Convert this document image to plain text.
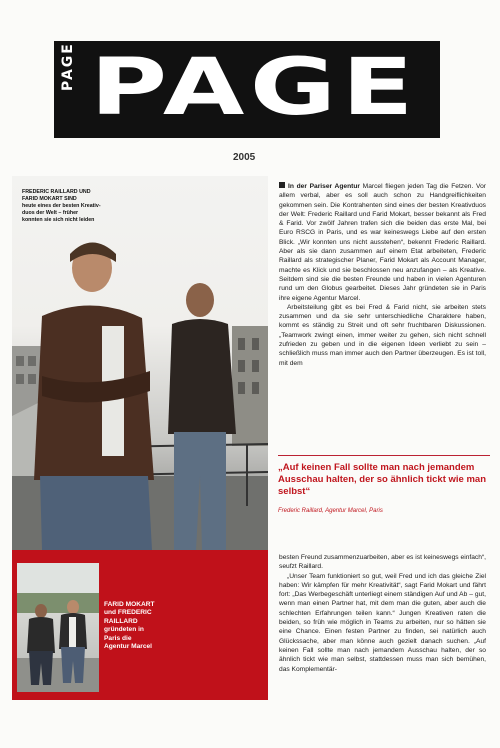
PAGE PAGE
2005
FREDERIC RAILLARD UND
FARID MOKART SIND
heute eines der besten Kreativ-
duos der Welt – früher
konnten sie sich nicht leiden

In der Pariser Agentur Marcel fliegen jeden Tag die Fetzen. Vor allem verbal, aber es soll auch schon zu Handgreiflichkeiten gekommen sein. Die Kontrahenten sind eines der besten Kreativduos der Welt: Frederic Raillard und Farid Mokart, besser bekannt als Fred & Farid. Vor zwölf Jahren trafen sich die beiden das erste Mal, bei Euro RSCG in Paris, und es war keineswegs Liebe auf den ersten Blick. „Wir konnten uns nicht ausstehen“, bekennt Frederic Raillard. Aber als sie dann zusammen auf einem Etat arbeiteten, Frederic Raillard als strategischer Planer, Farid Mokart als Account Manager, machte es Klick und sie beschlossen neu anzufangen – als Kreative. Seitdem sind sie die besten Freunde und haben in vielen Agenturen rund um den Globus gearbeitet. Dieses Jahr gründeten sie in Paris ihre eigene Agentur Marcel.

Arbeitsteilung gibt es bei Fred & Farid nicht, sie arbeiten stets zusammen und da sie sehr unterschiedliche Charaktere haben, kommt es ständig zu Streit und oft sehr fruchtbaren Diskussionen. „Teamwork zwingt einen, immer weiter zu gehen, sich nicht schnell zufrieden zu geben und in die eigenen Ideen verliebt zu sein – schließlich muss man immer auch den Partner überzeugen. Es ist toll, mit dem

„Auf keinen Fall sollte man nach jemandem Ausschau halten, der so ähnlich tickt wie man selbst“
Frederic Raillard, Agentur Marcel, Paris

besten Freund zusammenzuarbeiten, aber es ist keineswegs einfach“, seufzt Raillard.

„Unser Team funktioniert so gut, weil Fred und ich das gleiche Ziel haben: Wir kämpfen für mehr Kreativität“, sagt Farid Mokart und fährt fort: „Das Werbegeschäft unterliegt einem ständigen Auf und Ab – gut, wenn man einen Partner hat, mit dem man die guten, aber auch die schlechten Erfahrungen teilen kann.“ Jungen Kreativen raten die beiden, so früh wie möglich in Teams zu arbeiten, nur so hätten sie eine Chance. Einen festen Partner zu finden, sei natürlich auch Glückssache, aber man könne auch gezielt danach suchen. „Auf keinen Fall sollte man nach jemandem Ausschau halten, der so ähnlich tickt wie man selbst, stattdessen muss man sich bemühen, das Komplementär-

FARID MOKART
und FREDERIC
RAILLARD
gründeten in
Paris die
Agentur Marcel
